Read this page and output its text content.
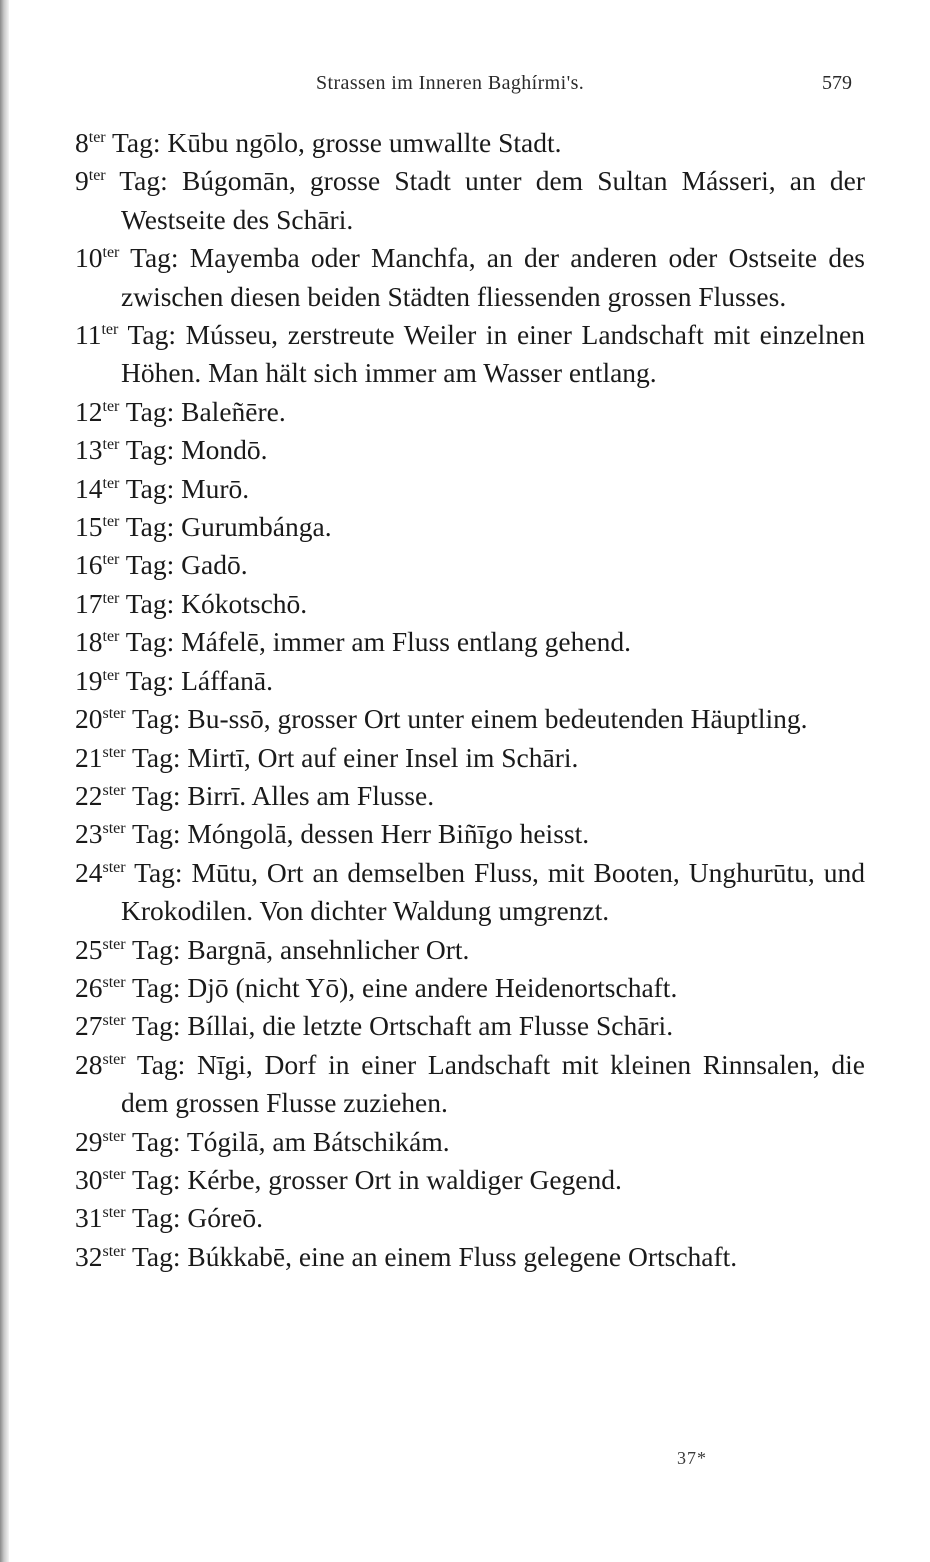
Strassen im Inneren Baghírmi's.	579
$8^{ter}$ Tag: Kūbu ngōlo, grosse umwallte Stadt.
$9^{ter}$ Tag: Búgomān, grosse Stadt unter dem Sultan Másseri, an der Westseite des Schāri.
$10^{ter}$ Tag: Mayemba oder Manchfa, an der anderen oder Ostseite des zwischen diesen beiden Städten fliessenden grossen Flusses.
$11^{ter}$ Tag: Músseu, zerstreute Weiler in einer Landschaft mit einzelnen Höhen. Man hält sich immer am Wasser entlang.
$12^{ter}$ Tag: Baleñēre.
$13^{ter}$ Tag: Mondō.
$14^{ter}$ Tag: Murō.
$15^{ter}$ Tag: Gurumbánga.
$16^{ter}$ Tag: Gadō.
$17^{ter}$ Tag: Kókotschō.
$18^{ter}$ Tag: Máfelē, immer am Fluss entlang gehend.
$19^{ter}$ Tag: Láffanā.
$20^{ster}$ Tag: Bu-ssō, grosser Ort unter einem bedeutenden Häuptling.
$21^{ster}$ Tag: Mirtī, Ort auf einer Insel im Schāri.
$22^{ster}$ Tag: Birrī. Alles am Flusse.
$23^{ster}$ Tag: Móngolā, dessen Herr Biñīgo heisst.
$24^{ster}$ Tag: Mūtu, Ort an demselben Fluss, mit Booten, Unghurūtu, und Krokodilen. Von dichter Waldung umgrenzt.
$25^{ster}$ Tag: Bargnā, ansehnlicher Ort.
$26^{ster}$ Tag: Djō (nicht Yō), eine andere Heidenortschaft.
$27^{ster}$ Tag: Bíllai, die letzte Ortschaft am Flusse Schāri.
$28^{ster}$ Tag: Nīgi, Dorf in einer Landschaft mit kleinen Rinnsalen, die dem grossen Flusse zuziehen.
$29^{ster}$ Tag: Tógilā, am Bátschikám.
$30^{ster}$ Tag: Kérbe, grosser Ort in waldiger Gegend.
$31^{ster}$ Tag: Góreō.
$32^{ster}$ Tag: Búkkabē, eine an einem Fluss gelegene Ortschaft.
37*
